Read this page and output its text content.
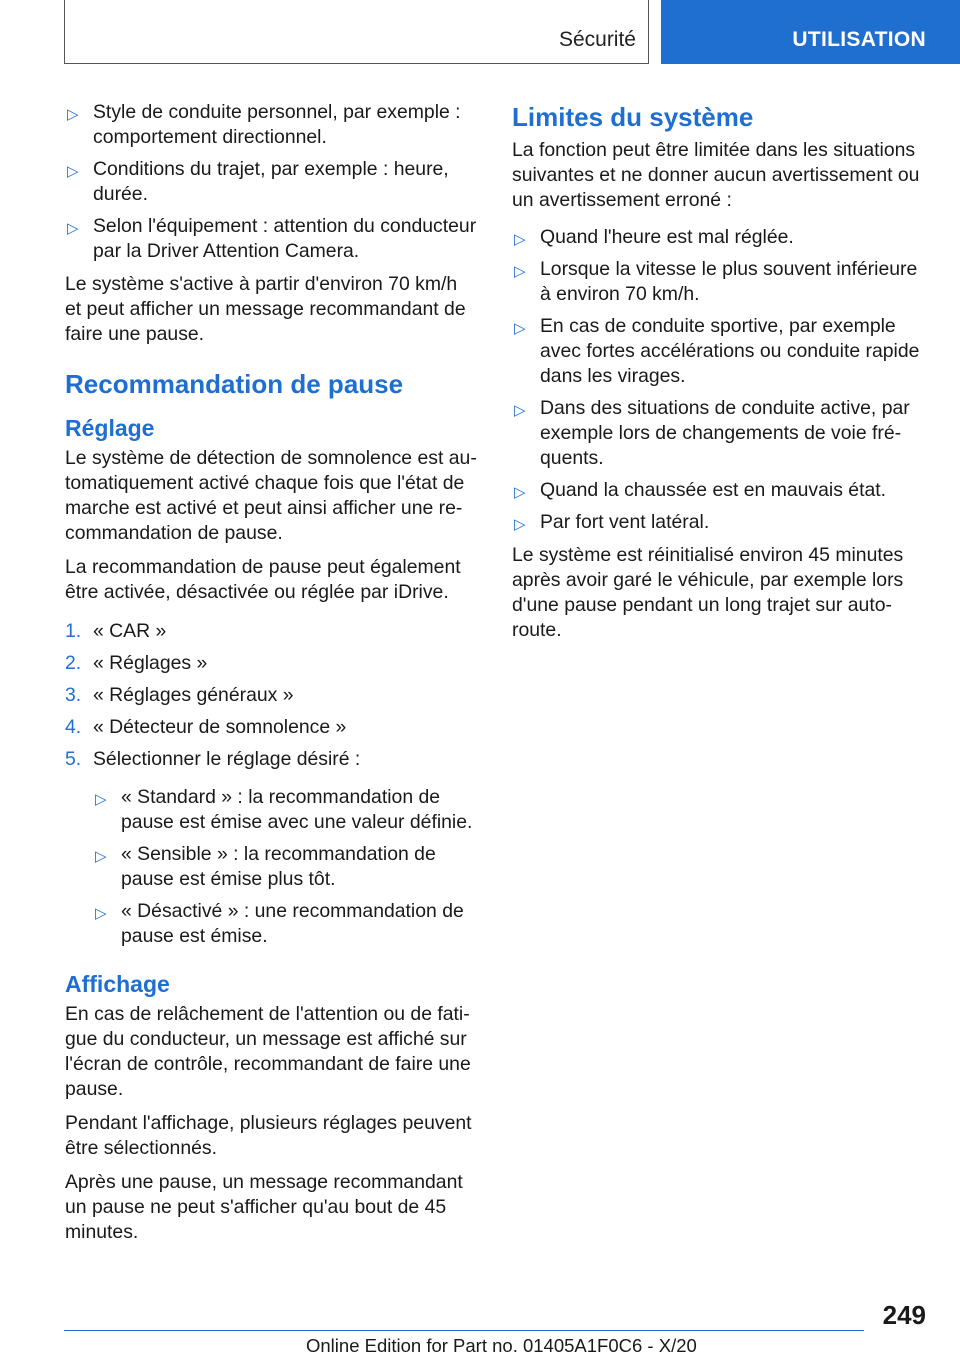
Sécurité	UTILISATION
▷ Style de conduite personnel, par exemple : comportement directionnel.
▷ Conditions du trajet, par exemple : heure, durée.
▷ Selon l'équipement : attention du conducteur par la Driver Attention Camera.

Le système s'active à partir d'environ 70 km/h et peut afficher un message recommandant de faire une pause.

Recommandation de pause
Réglage

Le système de détection de somnolence est automatiquement activé chaque fois que l'état de marche est activé et peut ainsi afficher une recommandation de pause.

La recommandation de pause peut également être activée, désactivée ou réglée par iDrive.

1. « CAR »
2. « Réglages »
3. « Réglages généraux »
4. « Détecteur de somnolence »
5. Sélectionner le réglage désiré :
▷ « Standard » : la recommandation de pause est émise avec une valeur définie.
▷ « Sensible » : la recommandation de pause est émise plus tôt.
▷ « Désactivé » : une recommandation de pause est émise.
Affichage

En cas de relâchement de l'attention ou de fatigue du conducteur, un message est affiché sur l'écran de contrôle, recommandant de faire une pause.

Pendant l'affichage, plusieurs réglages peuvent être sélectionnés.

Après une pause, un message recommandant un pause ne peut s'afficher qu'au bout de 45 minutes.

Limites du système

La fonction peut être limitée dans les situations suivantes et ne donner aucun avertissement ou un avertissement erroné :

▷ Quand l'heure est mal réglée.
▷ Lorsque la vitesse le plus souvent inférieure à environ 70 km/h.
▷ En cas de conduite sportive, par exemple avec fortes accélérations ou conduite rapide dans les virages.
▷ Dans des situations de conduite active, par exemple lors de changements de voie fréquents.
▷ Quand la chaussée est en mauvais état.
▷ Par fort vent latéral.

Le système est réinitialisé environ 45 minutes après avoir garé le véhicule, par exemple lors d'une pause pendant un long trajet sur autoroute.

249
Online Edition for Part no. 01405A1F0C6 - X/20
